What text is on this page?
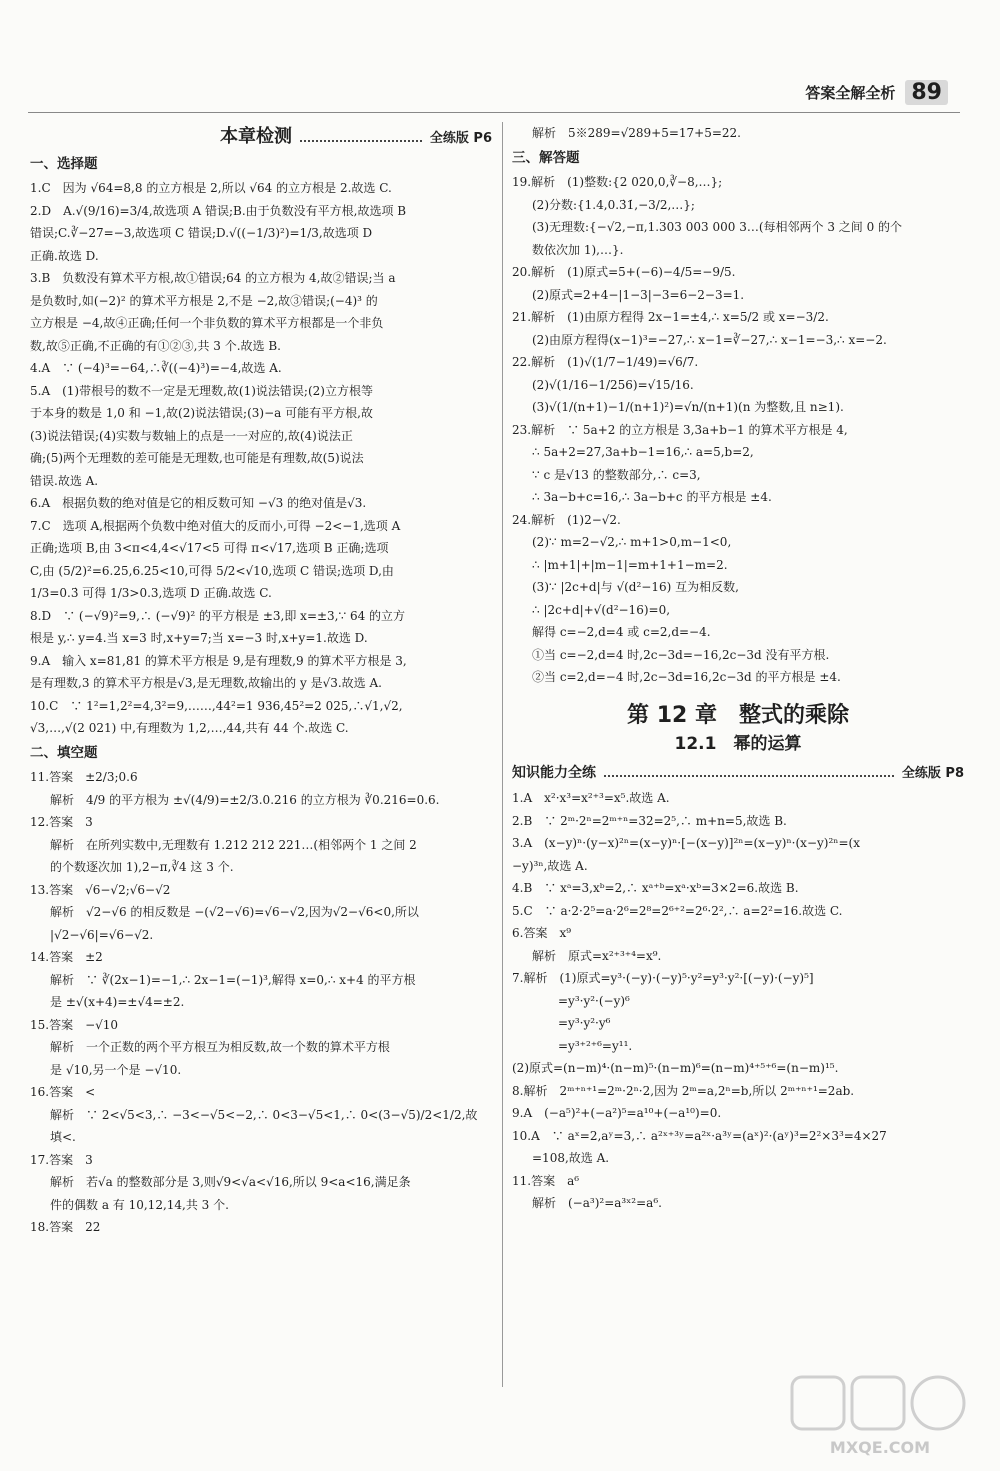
答案全解全析 89
本章检测	全练版 P6
一、选择题
1.C　因为 √64=8,8 的立方根是 2,所以 √64 的立方根是 2.故选 C.
2.D　A.√(9/16)=3/4,故选项 A 错误;B.由于负数没有平方根,故选项 B
错误;C.∛−27=−3,故选项 C 错误;D.√((−1/3)²)=1/3,故选项 D
正确.故选 D.
3.B　负数没有算术平方根,故①错误;64 的立方根为 4,故②错误;当 a
是负数时,如(−2)² 的算术平方根是 2,不是 −2,故③错误;(−4)³ 的
立方根是 −4,故④正确;任何一个非负数的算术平方根都是一个非负
数,故⑤正确,不正确的有①②③,共 3 个.故选 B.
4.A　∵ (−4)³=−64,∴∛((−4)³)=−4,故选 A.
5.A　(1)带根号的数不一定是无理数,故(1)说法错误;(2)立方根等
于本身的数是 1,0 和 −1,故(2)说法错误;(3)−a 可能有平方根,故
(3)说法错误;(4)实数与数轴上的点是一一对应的,故(4)说法正
确;(5)两个无理数的差可能是无理数,也可能是有理数,故(5)说法
错误.故选 A.
6.A　根据负数的绝对值是它的相反数可知 −√3 的绝对值是√3.
7.C　选项 A,根据两个负数中绝对值大的反而小,可得 −2<−1,选项 A
正确;选项 B,由 3<π<4,4<√17<5 可得 π<√17,选项 B 正确;选项
C,由 (5/2)²=6.25,6.25<10,可得 5/2<√10,选项 C 错误;选项 D,由
1/3=0.3̇ 可得 1/3>0.3,选项 D 正确.故选 C.
8.D　∵ (−√9)²=9,∴ (−√9)² 的平方根是 ±3,即 x=±3,∵ 64 的立方
根是 y,∴ y=4.当 x=3 时,x+y=7;当 x=−3 时,x+y=1.故选 D.
9.A　输入 x=81,81 的算术平方根是 9,是有理数,9 的算术平方根是 3,
是有理数,3 的算术平方根是√3,是无理数,故输出的 y 是√3.故选 A.
10.C　∵ 1²=1,2²=4,3²=9,……,44²=1 936,45²=2 025,∴√1,√2,
√3,…,√(2 021) 中,有理数为 1,2,…,44,共有 44 个.故选 C.
二、填空题
11.答案　±2/3;0.6
解析　4/9 的平方根为 ±√(4/9)=±2/3.0.216 的立方根为 ∛0.216=0.6.
12.答案　3
解析　在所列实数中,无理数有 1.212 212 221…(相邻两个 1 之间 2
的个数逐次加 1),2−π,∛4 这 3 个.
13.答案　√6−√2;√6−√2
解析　√2−√6 的相反数是 −(√2−√6)=√6−√2,因为√2−√6<0,所以
|√2−√6|=√6−√2.
14.答案　±2
解析　∵ ∛(2x−1)=−1,∴ 2x−1=(−1)³,解得 x=0,∴ x+4 的平方根
是 ±√(x+4)=±√4=±2.
15.答案　−√10
解析　一个正数的两个平方根互为相反数,故一个数的算术平方根
是 √10,另一个是 −√10.
16.答案　<
解析　∵ 2<√5<3,∴ −3<−√5<−2,∴ 0<3−√5<1,∴ 0<(3−√5)/2<1/2,故
填<.
17.答案　3
解析　若√a 的整数部分是 3,则√9<√a<√16,所以 9<a<16,满足条
件的偶数 a 有 10,12,14,共 3 个.
18.答案　22
解析　5※289=√289+5=17+5=22.
三、解答题
19.解析　(1)整数:{2 020,0,∛−8,…};
(2)分数:{1.4,0.3̇1̇,−3/2,…};
(3)无理数:{−√2,−π,1.303 003 000 3…(每相邻两个 3 之间 0 的个
数依次加 1),…}.
20.解析　(1)原式=5+(−6)−4/5=−9/5.
(2)原式=2+4−|1−3|−3=6−2−3=1.
21.解析　(1)由原方程得 2x−1=±4,∴ x=5/2 或 x=−3/2.
(2)由原方程得(x−1)³=−27,∴ x−1=∛−27,∴ x−1=−3,∴ x=−2.
22.解析　(1)√(1/7−1/49)=√6/7.
(2)√(1/16−1/256)=√15/16.
(3)√(1/(n+1)−1/(n+1)²)=√n/(n+1)(n 为整数,且 n≥1).
23.解析　∵ 5a+2 的立方根是 3,3a+b−1 的算术平方根是 4,
∴ 5a+2=27,3a+b−1=16,∴ a=5,b=2,
∵ c 是√13 的整数部分,∴ c=3,
∴ 3a−b+c=16,∴ 3a−b+c 的平方根是 ±4.
24.解析　(1)2−√2.
(2)∵ m=2−√2,∴ m+1>0,m−1<0,
∴ |m+1|+|m−1|=m+1+1−m=2.
(3)∵ |2c+d|与 √(d²−16) 互为相反数,
∴ |2c+d|+√(d²−16)=0,
解得 c=−2,d=4 或 c=2,d=−4.
①当 c=−2,d=4 时,2c−3d=−16,2c−3d 没有平方根.
②当 c=2,d=−4 时,2c−3d=16,2c−3d 的平方根是 ±4.
第 12 章　整式的乘除
12.1　幂的运算
知识能力全练	全练版 P8
1.A　x²·x³=x²⁺³=x⁵.故选 A.
2.B　∵ 2ᵐ·2ⁿ=2ᵐ⁺ⁿ=32=2⁵,∴ m+n=5,故选 B.
3.A　(x−y)ⁿ·(y−x)²ⁿ=(x−y)ⁿ·[−(x−y)]²ⁿ=(x−y)ⁿ·(x−y)²ⁿ=(x
−y)³ⁿ,故选 A.
4.B　∵ xᵃ=3,xᵇ=2,∴ xᵃ⁺ᵇ=xᵃ·xᵇ=3×2=6.故选 B.
5.C　∵ a·2·2⁵=a·2⁶=2⁸=2⁶⁺²=2⁶·2²,∴ a=2²=16.故选 C.
6.答案　x⁹
解析　原式=x²⁺³⁺⁴=x⁹.
7.解析　(1)原式=y³·(−y)·(−y)⁵·y²=y³·y²·[(−y)·(−y)⁵]
=y³·y²·(−y)⁶
=y³·y²·y⁶
=y³⁺²⁺⁶=y¹¹.
(2)原式=(n−m)⁴·(n−m)⁵·(n−m)⁶=(n−m)⁴⁺⁵⁺⁶=(n−m)¹⁵.
8.解析　2ᵐ⁺ⁿ⁺¹=2ᵐ·2ⁿ·2,因为 2ᵐ=a,2ⁿ=b,所以 2ᵐ⁺ⁿ⁺¹=2ab.
9.A　(−a⁵)²+(−a²)⁵=a¹⁰+(−a¹⁰)=0.
10.A　∵ aˣ=2,aʸ=3,∴ a²ˣ⁺³ʸ=a²ˣ·a³ʸ=(aˣ)²·(aʸ)³=2²×3³=4×27
=108,故选 A.
11.答案　a⁶
解析　(−a³)²=a³ˣ²=a⁶.
MXQE.COM
